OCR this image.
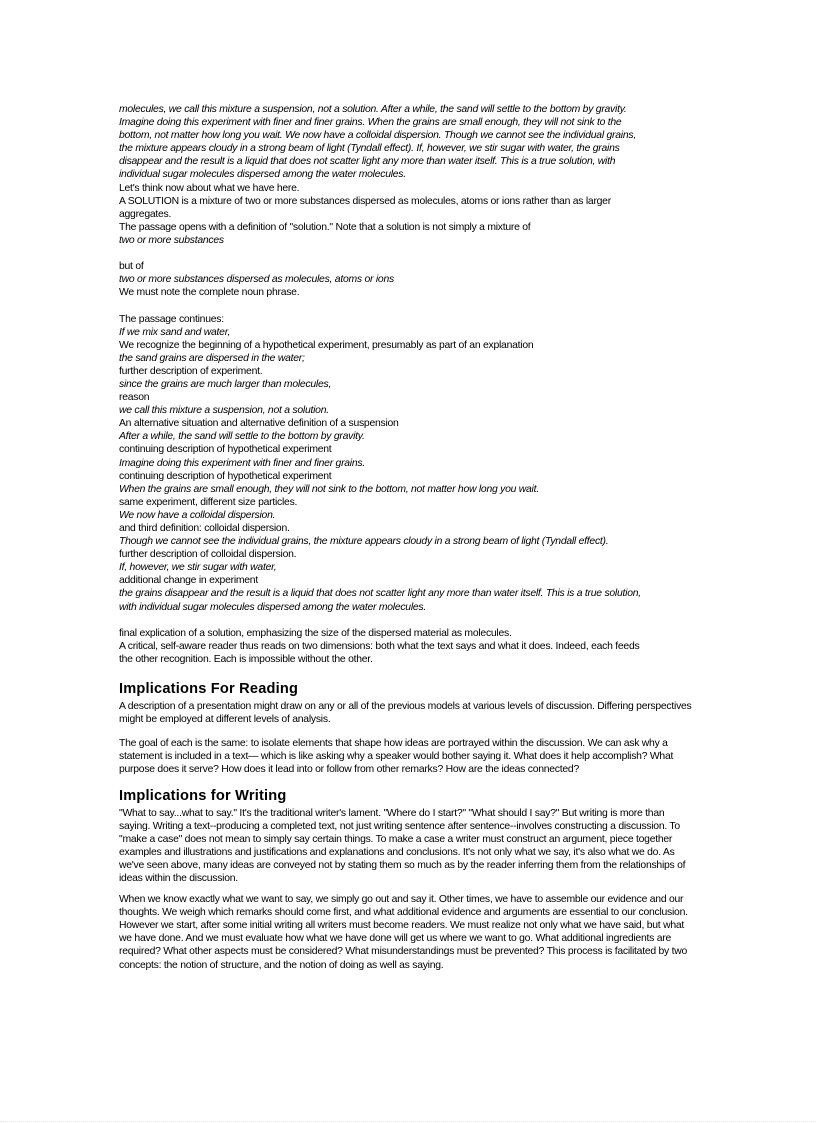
molecules, we call this mixture a suspension, not a solution. After a while, the sand will settle to the bottom by gravity.
Imagine doing this experiment with finer and finer grains. When the grains are small enough, they will not sink to the
bottom, not matter how long you wait. We now have a colloidal dispersion. Though we cannot see the individual grains,
the mixture appears cloudy in a strong beam of light (Tyndall effect). If, however, we stir sugar with water, the grains
disappear and the result is a liquid that does not scatter light any more than water itself. This is a true solution, with
individual sugar molecules dispersed among the water molecules.
Let's think now about what we have here.
A SOLUTION is a mixture of two or more substances dispersed as molecules, atoms or ions rather than as larger
aggregates.
The passage opens with a definition of "solution." Note that a solution is not simply a mixture of
two or more substances
but of
two or more substances dispersed as molecules, atoms or ions
We must note the complete noun phrase.
The passage continues:
If we mix sand and water,
We recognize the beginning of a hypothetical experiment, presumably as part of an explanation
the sand grains are dispersed in the water;
further description of experiment.
since the grains are much larger than molecules,
reason
we call this mixture a suspension, not a solution.
An alternative situation and alternative definition of a suspension
After a while, the sand will settle to the bottom by gravity.
continuing description of hypothetical experiment
Imagine doing this experiment with finer and finer grains.
continuing description of hypothetical experiment
When the grains are small enough, they will not sink to the bottom, not matter how long you wait.
same experiment, different size particles.
We now have a colloidal dispersion.
and third definition: colloidal dispersion.
Though we cannot see the individual grains, the mixture appears cloudy in a strong beam of light (Tyndall effect).
further description of colloidal dispersion.
If, however, we stir sugar with water,
additional change in experiment
the grains disappear and the result is a liquid that does not scatter light any more than water itself. This is a true solution,
with individual sugar molecules dispersed among the water molecules.
final explication of a solution, emphasizing the size of the dispersed material as molecules.
A critical, self-aware reader thus reads on two dimensions: both what the text says and what it does. Indeed, each feeds
the other recognition. Each is impossible without the other.
Implications For Reading
A description of a presentation might draw on any or all of the previous models at various levels of discussion. Differing perspectives might be employed at different levels of analysis.
The goal of each is the same: to isolate elements that shape how ideas are portrayed within the discussion. We can ask why a statement is included in a text— which is like asking why a speaker would bother saying it. What does it help accomplish? What purpose does it serve? How does it lead into or follow from other remarks? How are the ideas connected?
Implications for Writing
"What to say...what to say." It's the traditional writer's lament. "Where do I start?" "What should I say?" But writing is more than saying. Writing a text--producing a completed text, not just writing sentence after sentence--involves constructing a discussion. To "make a case" does not mean to simply say certain things. To make a case a writer must construct an argument, piece together examples and illustrations and justifications and explanations and conclusions. It's not only what we say, it's also what we do. As we've seen above, many ideas are conveyed not by stating them so much as by the reader inferring them from the relationships of ideas within the discussion.
When we know exactly what we want to say, we simply go out and say it. Other times, we have to assemble our evidence and our thoughts. We weigh which remarks should come first, and what additional evidence and arguments are essential to our conclusion. However we start, after some initial writing all writers must become readers. We must realize not only what we have said, but what we have done. And we must evaluate how what we have done will get us where we want to go. What additional ingredients are required? What other aspects must be considered? What misunderstandings must be prevented? This process is facilitated by two concepts: the notion of structure, and the notion of doing as well as saying.
